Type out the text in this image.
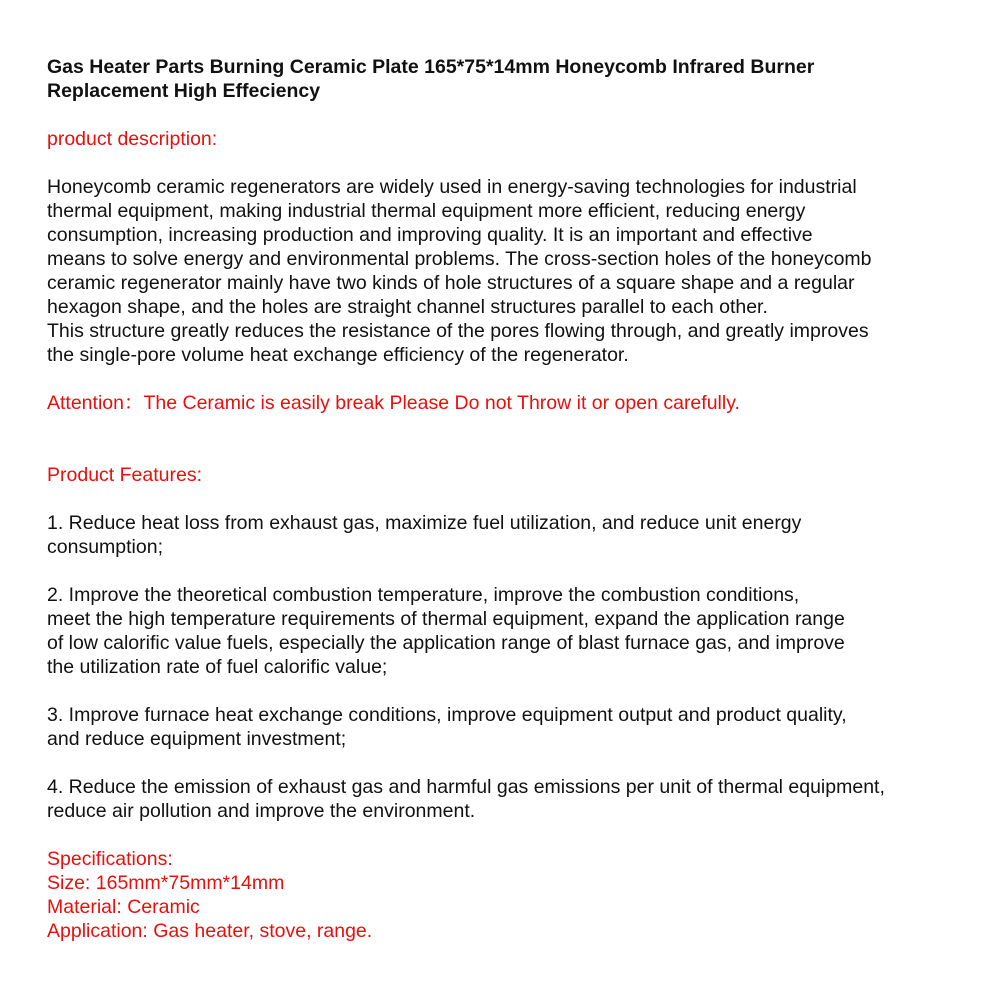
Gas Heater Parts Burning Ceramic Plate 165*75*14mm Honeycomb Infrared Burner

Replacement High Effeciency

product description:

Honeycomb ceramic regenerators are widely used in energy-saving technologies for industrial

thermal equipment, making industrial thermal equipment more efficient, reducing energy

consumption, increasing production and improving quality. It is an important and effective

means to solve energy and environmental problems. The cross-section holes of the honeycomb

ceramic regenerator mainly have two kinds of hole structures of a square shape and a regular

hexagon shape, and the holes are straight channel structures parallel to each other.

This structure greatly reduces the resistance of the pores flowing through, and greatly improves

the single-pore volume heat exchange efficiency of the regenerator.

Attention：The Ceramic is easily break Please Do not Throw it or open carefully.

Product Features:

1. Reduce heat loss from exhaust gas, maximize fuel utilization, and reduce unit energy

consumption;

2. Improve the theoretical combustion temperature, improve the combustion conditions,

meet the high temperature requirements of thermal equipment, expand the application range

of low calorific value fuels, especially the application range of blast furnace gas, and improve

the utilization rate of fuel calorific value;

3. Improve furnace heat exchange conditions, improve equipment output and product quality,

and reduce equipment investment;

4. Reduce the emission of exhaust gas and harmful gas emissions per unit of thermal equipment,

reduce air pollution and improve the environment.

Specifications:

Size: 165mm*75mm*14mm

Material: Ceramic

Application: Gas heater, stove, range.
